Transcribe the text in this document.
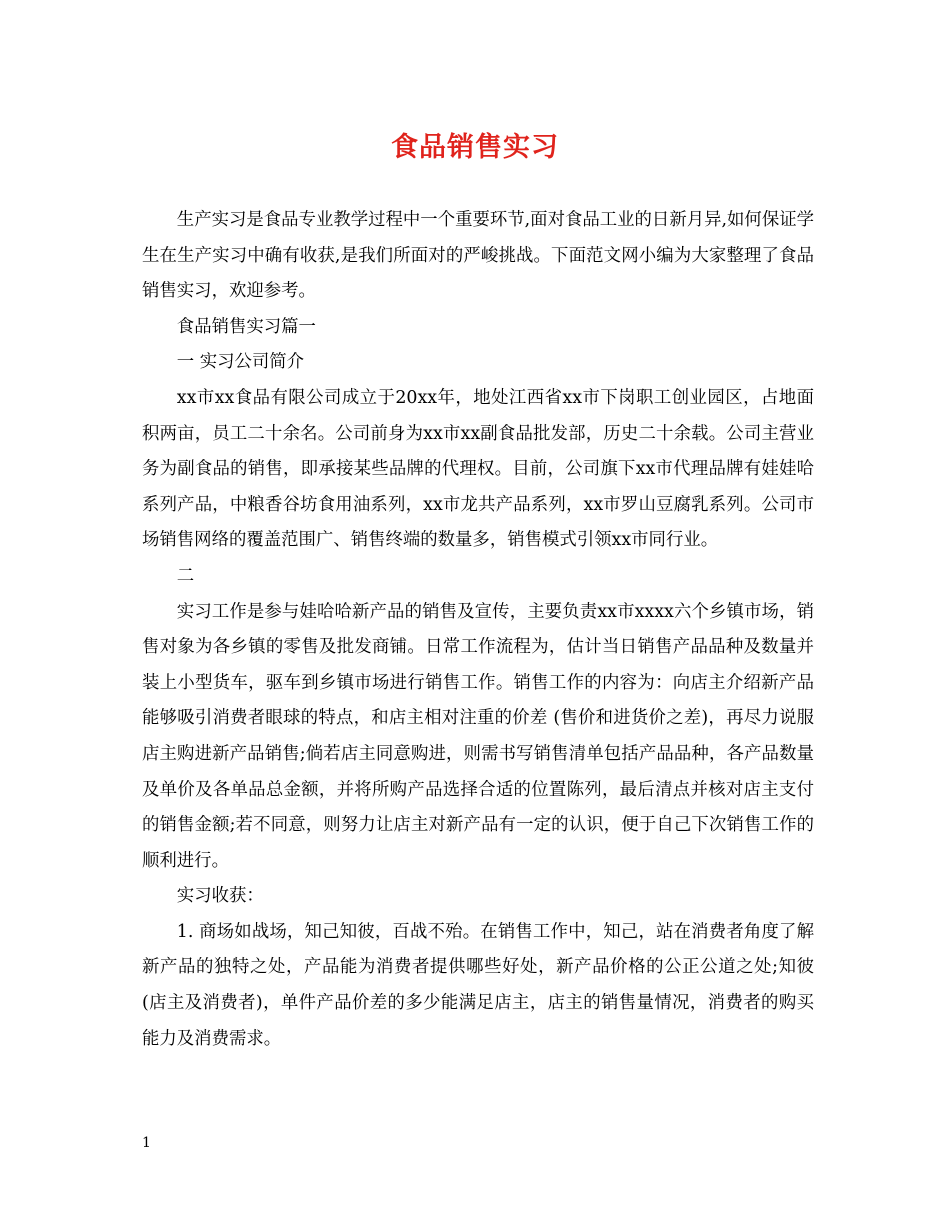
食品销售实习

生产实习是食品专业教学过程中一个重要环节,面对食品工业的日新月异,如何保证学生在生产实习中确有收获,是我们所面对的严峻挑战。下面范文网小编为大家整理了食品销售实习，欢迎参考。

食品销售实习篇一

一 实习公司简介

xx市xx食品有限公司成立于20xx年，地处江西省xx市下岗职工创业园区，占地面积两亩，员工二十余名。公司前身为xx市xx副食品批发部，历史二十余载。公司主营业务为副食品的销售，即承接某些品牌的代理权。目前，公司旗下xx市代理品牌有娃娃哈系列产品，中粮香谷坊食用油系列，xx市龙共产品系列，xx市罗山豆腐乳系列。公司市场销售网络的覆盖范围广、销售终端的数量多，销售模式引领xx市同行业。

二

实习工作是参与娃哈哈新产品的销售及宣传，主要负责xx市xxxx六个乡镇市场，销售对象为各乡镇的零售及批发商铺。日常工作流程为，估计当日销售产品品种及数量并装上小型货车，驱车到乡镇市场进行销售工作。销售工作的内容为：向店主介绍新产品能够吸引消费者眼球的特点，和店主相对注重的价差 (售价和进货价之差)，再尽力说服店主购进新产品销售;倘若店主同意购进，则需书写销售清单包括产品品种，各产品数量及单价及各单品总金额，并将所购产品选择合适的位置陈列，最后清点并核对店主支付的销售金额;若不同意，则努力让店主对新产品有一定的认识，便于自己下次销售工作的顺利进行。

实习收获：

1. 商场如战场，知己知彼，百战不殆。在销售工作中，知己，站在消费者角度了解新产品的独特之处，产品能为消费者提供哪些好处，新产品价格的公正公道之处;知彼(店主及消费者)，单件产品价差的多少能满足店主，店主的销售量情况，消费者的购买能力及消费需求。

1
